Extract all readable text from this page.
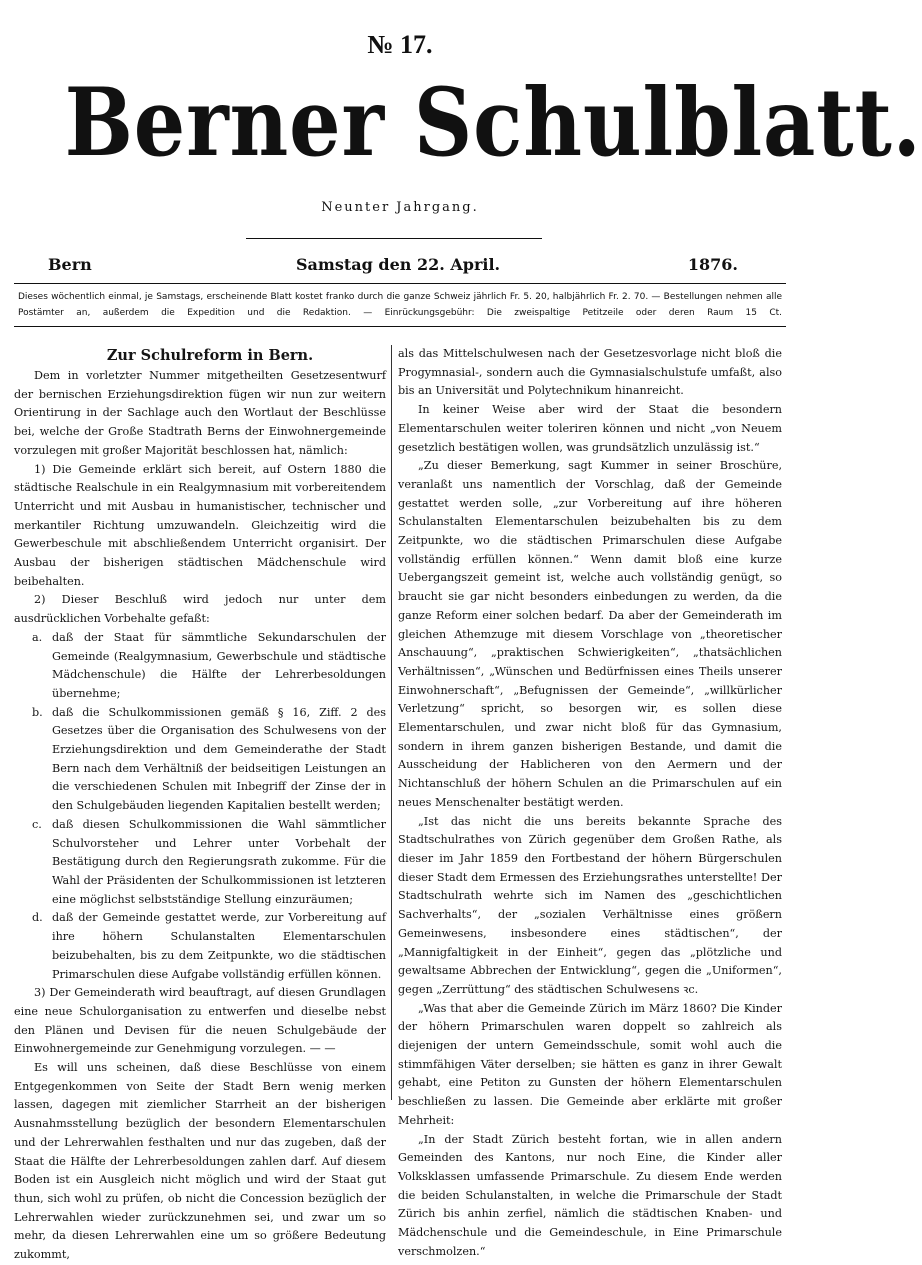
№ 17.
Berner Schulblatt.
Neunter Jahrgang.
Bern	Samstag den 22. April.	1876.
Dieses wöchentlich einmal, je Samstags, erscheinende Blatt kostet franko durch die ganze Schweiz jährlich Fr. 5. 20, halbjährlich Fr. 2. 70. — Bestellungen nehmen alle Postämter an, außerdem die Expedition und die Redaktion. — Einrückungsgebühr: Die zweispaltige Petitzeile oder deren Raum 15 Ct.

Zur Schulreform in Bern.

Dem in vorletzter Nummer mitgetheilten Gesetzesentwurf der bernischen Erziehungsdirektion fügen wir nun zur weitern Orientirung in der Sachlage auch den Wortlaut der Beschlüsse bei, welche der Große Stadtrath Berns der Einwohnergemeinde vorzulegen mit großer Majorität beschlossen hat, nämlich:

1) Die Gemeinde erklärt sich bereit, auf Ostern 1880 die städtische Realschule in ein Realgymnasium mit vorbereitendem Unterricht und mit Ausbau in humanistischer, technischer und merkantiler Richtung umzuwandeln. Gleichzeitig wird die Gewerbeschule mit abschließendem Unterricht organisirt. Der Ausbau der bisherigen städtischen Mädchenschule wird beibehalten.

2) Dieser Beschluß wird jedoch nur unter dem ausdrücklichen Vorbehalte gefaßt:

a. daß der Staat für sämmtliche Sekundarschulen der Gemeinde (Realgymnasium, Gewerbschule und städtische Mädchenschule) die Hälfte der Lehrerbesoldungen übernehme;
b. daß die Schulkommissionen gemäß § 16, Ziff. 2 des Gesetzes über die Organisation des Schulwesens von der Erziehungsdirektion und dem Gemeinderathe der Stadt Bern nach dem Verhältniß der beidseitigen Leistungen an die verschiedenen Schulen mit Inbegriff der Zinse der in den Schulgebäuden liegenden Kapitalien bestellt werden;
c. daß diesen Schulkommissionen die Wahl sämmtlicher Schulvorsteher und Lehrer unter Vorbehalt der Bestätigung durch den Regierungsrath zukomme. Für die Wahl der Präsidenten der Schulkommissionen ist letzteren eine möglichst selbstständige Stellung einzuräumen;
d. daß der Gemeinde gestattet werde, zur Vorbereitung auf ihre höhern Schulanstalten Elementarschulen beizubehalten, bis zu dem Zeitpunkte, wo die städtischen Primarschulen diese Aufgabe vollständig erfüllen können.

3) Der Gemeinderath wird beauftragt, auf diesen Grundlagen eine neue Schulorganisation zu entwerfen und dieselbe nebst den Plänen und Devisen für die neuen Schulgebäude der Einwohnergemeinde zur Genehmigung vorzulegen. — —

Es will uns scheinen, daß diese Beschlüsse von einem Entgegenkommen von Seite der Stadt Bern wenig merken lassen, dagegen mit ziemlicher Starrheit an der bisherigen Ausnahmsstellung bezüglich der besondern Elementarschulen und der Lehrerwahlen festhalten und nur das zugeben, daß der Staat die Hälfte der Lehrerbesoldungen zahlen darf. Auf diesem Boden ist ein Ausgleich nicht möglich und wird der Staat gut thun, sich wohl zu prüfen, ob nicht die Concession bezüglich der Lehrerwahlen wieder zurückzunehmen sei, und zwar um so mehr, da diesen Lehrerwahlen eine um so größere Bedeutung zukommt,

als das Mittelschulwesen nach der Gesetzesvorlage nicht bloß die Progymnasial-, sondern auch die Gymnasialschulstufe umfaßt, also bis an Universität und Polytechnikum hinanreicht.

In keiner Weise aber wird der Staat die besondern Elementarschulen weiter toleriren können und nicht „von Neuem gesetzlich bestätigen wollen, was grundsätzlich unzulässig ist.“

„Zu dieser Bemerkung, sagt Kummer in seiner Broschüre, veranlaßt uns namentlich der Vorschlag, daß der Gemeinde gestattet werden solle, „zur Vorbereitung auf ihre höheren Schulanstalten Elementarschulen beizubehalten bis zu dem Zeitpunkte, wo die städtischen Primarschulen diese Aufgabe vollständig erfüllen können.“ Wenn damit bloß eine kurze Uebergangszeit gemeint ist, welche auch vollständig genügt, so braucht sie gar nicht besonders einbedungen zu werden, da die ganze Reform einer solchen bedarf. Da aber der Gemeinderath im gleichen Athemzuge mit diesem Vorschlage von „theoretischer Anschauung“, „praktischen Schwierigkeiten“, „thatsächlichen Verhältnissen“, „Wünschen und Bedürfnissen eines Theils unserer Einwohnerschaft“, „Befugnissen der Gemeinde“, „willkürlicher Verletzung“ spricht, so besorgen wir, es sollen diese Elementarschulen, und zwar nicht bloß für das Gymnasium, sondern in ihrem ganzen bisherigen Bestande, und damit die Ausscheidung der Hablicheren von den Aermern und der Nichtanschluß der höhern Schulen an die Primarschulen auf ein neues Menschenalter bestätigt werden.

„Ist das nicht die uns bereits bekannte Sprache des Stadtschulrathes von Zürich gegenüber dem Großen Rathe, als dieser im Jahr 1859 den Fortbestand der höhern Bürgerschulen dieser Stadt dem Ermessen des Erziehungsrathes unterstellte! Der Stadtschulrath wehrte sich im Namen des „geschichtlichen Sachverhalts“, der „sozialen Verhältnisse eines größern Gemeinwesens, insbesondere eines städtischen“, der „Mannigfaltigkeit in der Einheit“, gegen das „plötzliche und gewaltsame Abbrechen der Entwicklung“, gegen die „Uniformen“, gegen „Zerrüttung“ des städtischen Schulwesens ꝛc.

„Was that aber die Gemeinde Zürich im März 1860? Die Kinder der höhern Primarschulen waren doppelt so zahlreich als diejenigen der untern Gemeindsschule, somit wohl auch die stimmfähigen Väter derselben; sie hätten es ganz in ihrer Gewalt gehabt, eine Petiton zu Gunsten der höhern Elementarschulen beschließen zu lassen. Die Gemeinde aber erklärte mit großer Mehrheit:

„In der Stadt Zürich besteht fortan, wie in allen andern Gemeinden des Kantons, nur noch Eine, die Kinder aller Volksklassen umfassende Primarschule. Zu diesem Ende werden die beiden Schulanstalten, in welche die Primarschule der Stadt Zürich bis anhin zerfiel, nämlich die städtischen Knaben- und Mädchenschule und die Gemeindeschule, in Eine Primarschule verschmolzen.“
